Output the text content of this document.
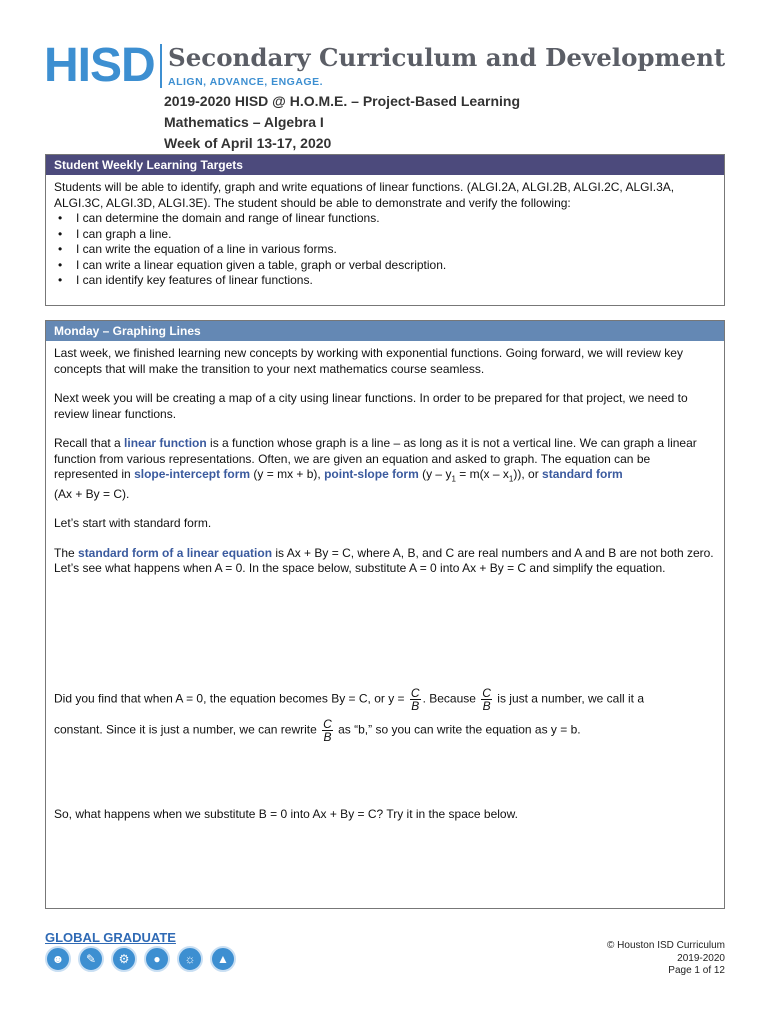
HISD Secondary Curriculum and Development
ALIGN, ADVANCE, ENGAGE.
2019-2020 HISD @ H.O.M.E. – Project-Based Learning
Mathematics – Algebra I
Week of April 13-17, 2020
Student Weekly Learning Targets
Students will be able to identify, graph and write equations of linear functions. (ALGI.2A, ALGI.2B, ALGI.2C, ALGI.3A, ALGI.3C, ALGI.3D, ALGI.3E). The student should be able to demonstrate and verify the following:
• I can determine the domain and range of linear functions.
• I can graph a line.
• I can write the equation of a line in various forms.
• I can write a linear equation given a table, graph or verbal description.
• I can identify key features of linear functions.
Monday – Graphing Lines

Last week, we finished learning new concepts by working with exponential functions. Going forward, we will review key concepts that will make the transition to your next mathematics course seamless.

Next week you will be creating a map of a city using linear functions. In order to be prepared for that project, we need to review linear functions.

Recall that a linear function is a function whose graph is a line – as long as it is not a vertical line. We can graph a linear function from various representations. Often, we are given an equation and asked to graph. The equation can be represented in slope-intercept form (y = mx + b), point-slope form $(y - y_1 = m(x - x_1))$, or standard form
(Ax + By = C).

Let’s start with standard form.

The standard form of a linear equation is Ax + By = C, where A, B, and C are real numbers and A and B are not both zero. Let’s see what happens when A = 0. In the space below, substitute A = 0 into Ax + By = C and simplify the equation.

Did you find that when A = 0, the equation becomes By = C, or $y = \frac{C}{B}$ . Because $\frac{C}{B}$ is just a number, we call it a

constant. Since it is just a number, we can rewrite $\frac{C}{B}$ as “b,” so you can write the equation as y = b.

So, what happens when we substitute B = 0 into Ax + By = C? Try it in the space below.

GLOBAL GRADUATE
☻	✎	⚙	●	☼	▲
© Houston ISD Curriculum
2019-2020
Page 1 of 12
